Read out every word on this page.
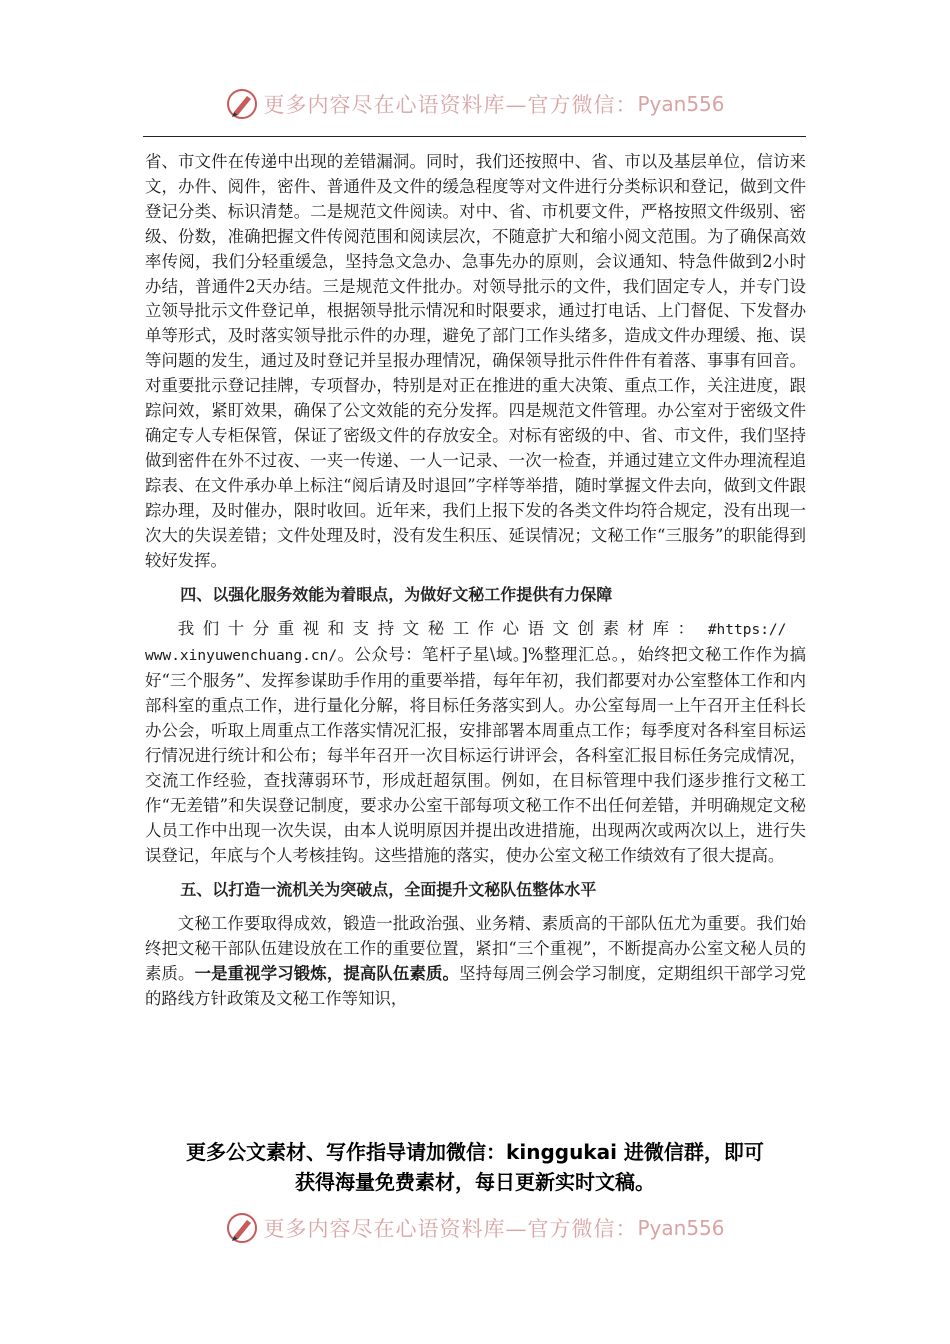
更多内容尽在心语资料库—官方微信： Pyan556

省、市文件在传递中出现的差错漏洞。同时，我们还按照中、省、市以及基层单位，信访来文，办件、阅件，密件、普通件及文件的缓急程度等对文件进行分类标识和登记，做到文件登记分类、标识清楚。二是规范文件阅读。对中、省、市机要文件，严格按照文件级别、密级、份数，准确把握文件传阅范围和阅读层次，不随意扩大和缩小阅文范围。为了确保高效率传阅，我们分轻重缓急，坚持急文急办、急事先办的原则，会议通知、特急件做到2小时办结，普通件2天办结。三是规范文件批办。对领导批示的文件，我们固定专人，并专门设立领导批示文件登记单，根据领导批示情况和时限要求，通过打电话、上门督促、下发督办单等形式，及时落实领导批示件的办理，避免了部门工作头绪多，造成文件办理缓、拖、误等问题的发生，通过及时登记并呈报办理情况，确保领导批示件件件有着落、事事有回音。对重要批示登记挂牌，专项督办，特别是对正在推进的重大决策、重点工作，关注进度，跟踪问效，紧盯效果，确保了公文效能的充分发挥。四是规范文件管理。办公室对于密级文件确定专人专柜保管，保证了密级文件的存放安全。对标有密级的中、省、市文件，我们坚持做到密件在外不过夜、一夹一传递、一人一记录、一次一检查，并通过建立文件办理流程追踪表、在文件承办单上标注“阅后请及时退回”字样等举措，随时掌握文件去向，做到文件跟踪办理，及时催办，限时收回。近年来，我们上报下发的各类文件均符合规定，没有出现一次大的失误差错；文件处理及时，没有发生积压、延误情况；文秘工作“三服务”的职能得到较好发挥。

四、以强化服务效能为着眼点，为做好文秘工作提供有力保障

我们十分重视和支持文秘工作心语文创素材库： #https://
www.xinyuwenchuang.cn/。公众号：笔杆子星\域。]%整理汇总。，始终把文秘工作作为搞好“三个服务”、发挥参谋助手作用的重要举措，每年年初，我们都要对办公室整体工作和内部科室的重点工作，进行量化分解，将目标任务落实到人。办公室每周一上午召开主任科长办公会，听取上周重点工作落实情况汇报，安排部署本周重点工作；每季度对各科室目标运行情况进行统计和公布；每半年召开一次目标运行讲评会，各科室汇报目标任务完成情况，交流工作经验，查找薄弱环节，形成赶超氛围。例如，在目标管理中我们逐步推行文秘工作“无差错”和失误登记制度，要求办公室干部每项文秘工作不出任何差错，并明确规定文秘人员工作中出现一次失误，由本人说明原因并提出改进措施，出现两次或两次以上，进行失误登记，年底与个人考核挂钩。这些措施的落实，使办公室文秘工作绩效有了很大提高。

五、以打造一流机关为突破点，全面提升文秘队伍整体水平

文秘工作要取得成效，锻造一批政治强、业务精、素质高的干部队伍尤为重要。我们始终把文秘干部队伍建设放在工作的重要位置，紧扣“三个重视”，不断提高办公室文秘人员的素质。一是重视学习锻炼，提高队伍素质。坚持每周三例会学习制度，定期组织干部学习党的路线方针政策及文秘工作等知识，

更多公文素材、写作指导请加微信：kinggukai 进微信群，即可
获得海量免费素材，每日更新实时文稿。
更多内容尽在心语资料库—官方微信： Pyan556
